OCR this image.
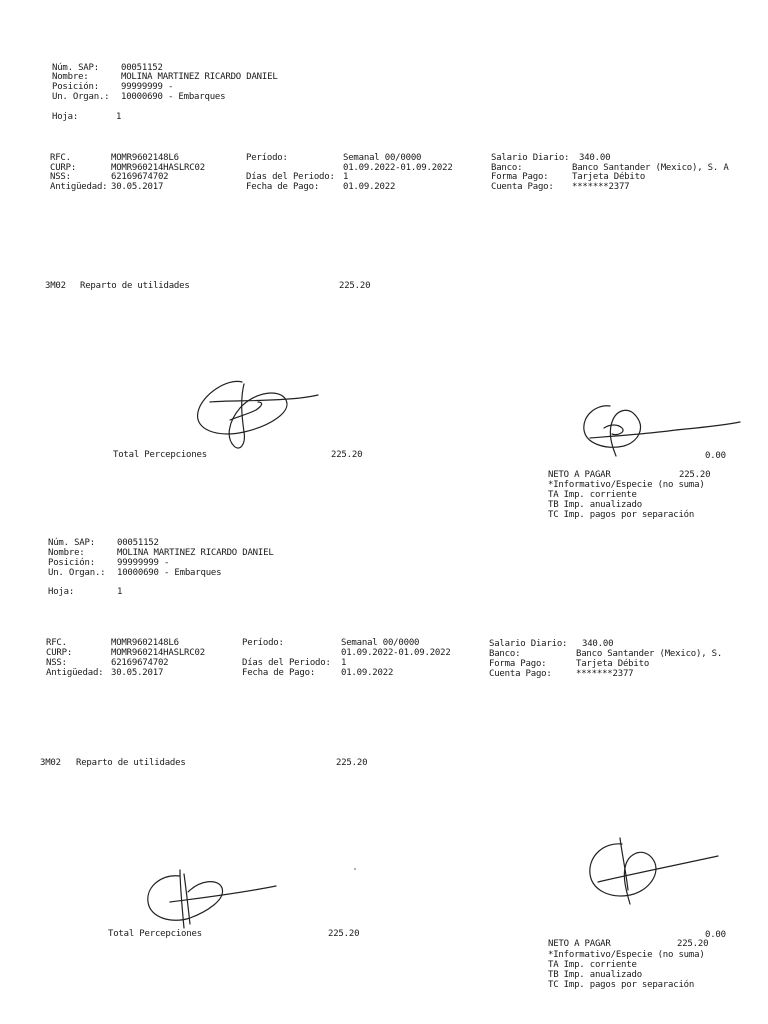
Núm. SAP: 00051152
Nombre:	MOLINA MARTINEZ RICARDO DANIEL
Posición: 99999999 -
Un. Organ.: 10000690 - Embarques
Hoja:	1
RFC.	MOMR9602148L6
CURP:	MOMR960214HASLRC02
NSS:	62169674702
Antigüedad: 30.05.2017
Período:	Semanal 00/0000
01.09.2022-01.09.2022
Días del Periodo: 1
Fecha de Pago:	01.09.2022
Salario Diario: 340.00
Banco:	Banco Santander (Mexico), S. A
Forma Pago:	Tarjeta Débito
Cuenta Pago: *******2377
3M02 Reparto de utilidades	225.20
Total Percepciones	225.20	0.00
NETO A PAGAR	225.20
*Informativo/Especie (no suma)
TA Imp. corriente
TB Imp. anualizado
TC Imp. pagos por separación
Núm. SAP: 00051152
Nombre:	MOLINA MARTINEZ RICARDO DANIEL
Posición: 99999999 -
Un. Organ.: 10000690 - Embarques
Hoja:	1
RFC.	MOMR9602148L6
CURP:	MOMR960214HASLRC02
NSS:	62169674702
Antigüedad: 30.05.2017
Período:	Semanal 00/0000
01.09.2022-01.09.2022
Días del Periodo: 1
Fecha de Pago:	01.09.2022
Salario Diario: 340.00
Banco:	Banco Santander (Mexico), S.
Forma Pago:	Tarjeta Débito
Cuenta Pago:	*******2377
3M02 Reparto de utilidades	225.20
Total Percepciones	225.20	0.00
NETO A PAGAR	225.20
*Informativo/Especie (no suma)
TA Imp. corriente
TB Imp. anualizado
TC Imp. pagos por separación
